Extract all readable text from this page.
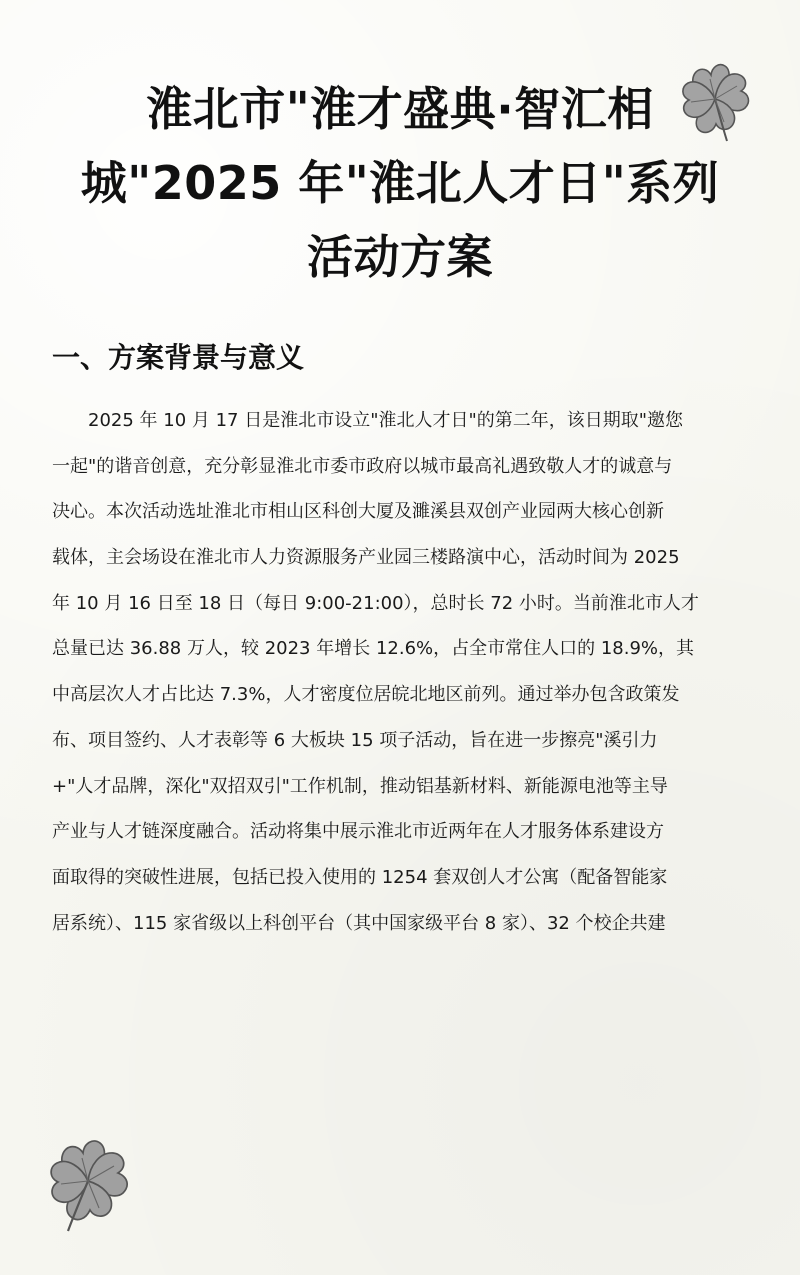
淮北市"淮才盛典·智汇相
城"2025 年"淮北人才日"系列
活动方案
一、方案背景与意义
2025 年 10 月 17 日是淮北市设立"淮北人才日"的第二年，该日期取"邀您
一起"的谐音创意，充分彰显淮北市委市政府以城市最高礼遇致敬人才的诚意与
决心。本次活动选址淮北市相山区科创大厦及濉溪县双创产业园两大核心创新
载体，主会场设在淮北市人力资源服务产业园三楼路演中心，活动时间为 2025
年 10 月 16 日至 18 日（每日 9:00-21:00），总时长 72 小时。当前淮北市人才
总量已达 36.88 万人，较 2023 年增长 12.6%，占全市常住人口的 18.9%，其
中高层次人才占比达 7.3%，人才密度位居皖北地区前列。通过举办包含政策发
布、项目签约、人才表彰等 6 大板块 15 项子活动，旨在进一步擦亮"溪引力
+"人才品牌，深化"双招双引"工作机制，推动铝基新材料、新能源电池等主导
产业与人才链深度融合。活动将集中展示淮北市近两年在人才服务体系建设方
面取得的突破性进展，包括已投入使用的 1254 套双创人才公寓（配备智能家
居系统）、115 家省级以上科创平台（其中国家级平台 8 家）、32 个校企共建
